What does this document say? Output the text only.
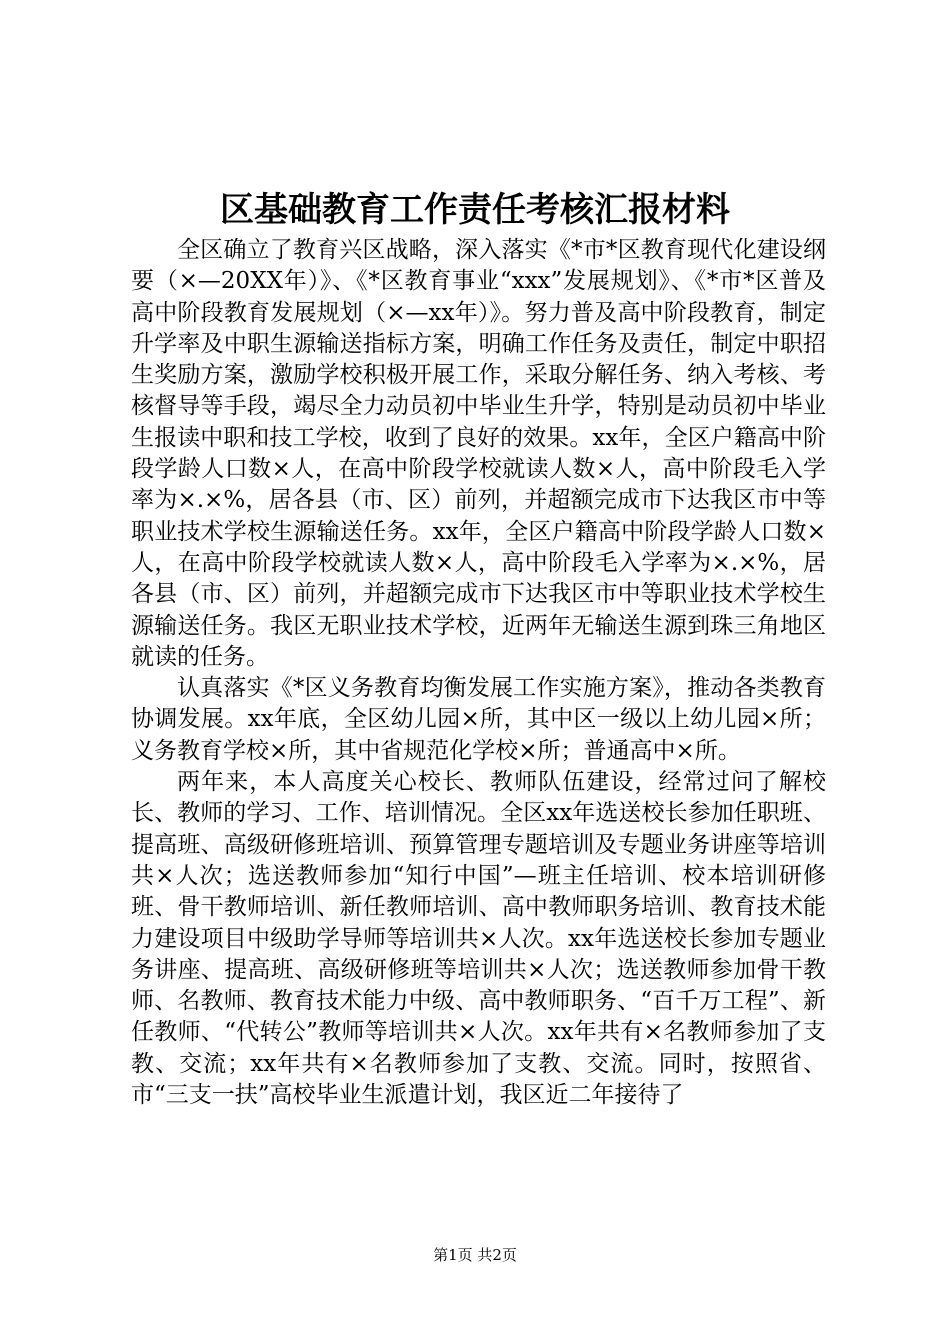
区基础教育工作责任考核汇报材料

全区确立了教育兴区战略，深入落实《*市*区教育现代化建设纲要（×—20XX年）》、《*区教育事业“xxx”发展规划》、《*市*区普及高中阶段教育发展规划（×—xx年）》。努力普及高中阶段教育，制定升学率及中职生源输送指标方案，明确工作任务及责任，制定中职招生奖励方案，激励学校积极开展工作，采取分解任务、纳入考核、考核督导等手段，竭尽全力动员初中毕业生升学，特别是动员初中毕业生报读中职和技工学校，收到了良好的效果。xx年，全区户籍高中阶段学龄人口数×人，在高中阶段学校就读人数×人，高中阶段毛入学率为×.×%，居各县（市、区）前列，并超额完成市下达我区市中等职业技术学校生源输送任务。xx年，全区户籍高中阶段学龄人口数×人，在高中阶段学校就读人数×人，高中阶段毛入学率为×.×%，居各县（市、区）前列，并超额完成市下达我区市中等职业技术学校生源输送任务。我区无职业技术学校，近两年无输送生源到珠三角地区就读的任务。

认真落实《*区义务教育均衡发展工作实施方案》，推动各类教育协调发展。xx年底，全区幼儿园×所，其中区一级以上幼儿园×所；义务教育学校×所，其中省规范化学校×所；普通高中×所。

两年来，本人高度关心校长、教师队伍建设，经常过问了解校长、教师的学习、工作、培训情况。全区xx年选送校长参加任职班、提高班、高级研修班培训、预算管理专题培训及专题业务讲座等培训共×人次；选送教师参加“知行中国”—班主任培训、校本培训研修班、骨干教师培训、新任教师培训、高中教师职务培训、教育技术能力建设项目中级助学导师等培训共×人次。xx年选送校长参加专题业务讲座、提高班、高级研修班等培训共×人次；选送教师参加骨干教师、名教师、教育技术能力中级、高中教师职务、“百千万工程”、新任教师、“代转公”教师等培训共×人次。xx年共有×名教师参加了支教、交流；xx年共有×名教师参加了支教、交流。同时，按照省、市“三支一扶”高校毕业生派遣计划，我区近二年接待了

第1页 共2页
